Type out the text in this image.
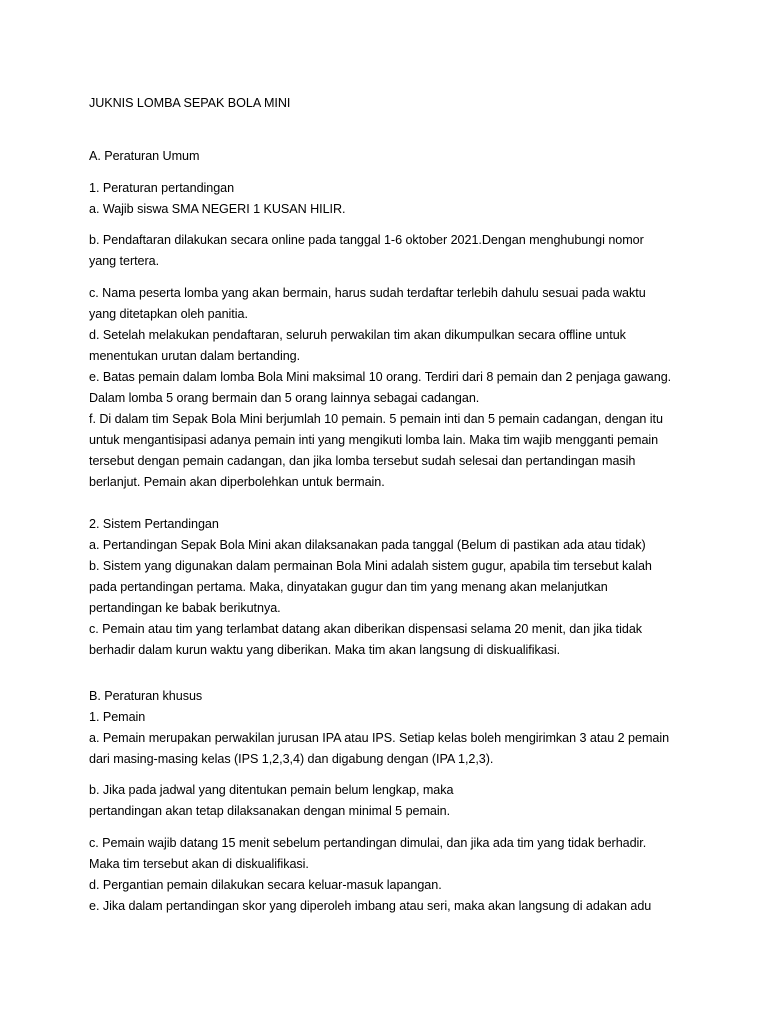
JUKNIS LOMBA SEPAK BOLA MINI
A. Peraturan Umum
1. Peraturan pertandingan
a. Wajib siswa SMA NEGERI 1 KUSAN HILIR.
b. Pendaftaran dilakukan secara online pada tanggal 1-6 oktober 2021.Dengan menghubungi nomor
yang tertera.
c. Nama peserta lomba yang akan bermain, harus sudah terdaftar terlebih dahulu sesuai pada waktu
yang ditetapkan oleh panitia.
d. Setelah melakukan pendaftaran, seluruh perwakilan tim akan dikumpulkan secara offline untuk
menentukan urutan dalam bertanding.
e. Batas pemain dalam lomba Bola Mini maksimal 10 orang. Terdiri dari 8 pemain dan 2 penjaga gawang.
Dalam lomba 5 orang bermain dan 5 orang lainnya sebagai cadangan.
f. Di dalam tim Sepak Bola Mini berjumlah 10 pemain. 5 pemain inti dan 5 pemain cadangan, dengan itu
untuk mengantisipasi adanya pemain inti yang mengikuti lomba lain. Maka tim wajib mengganti pemain
tersebut dengan pemain cadangan, dan jika lomba tersebut sudah selesai dan pertandingan masih
berlanjut. Pemain akan diperbolehkan untuk bermain.
2. Sistem Pertandingan
a. Pertandingan Sepak Bola Mini akan dilaksanakan pada tanggal (Belum di pastikan ada atau tidak)
b. Sistem yang digunakan dalam permainan Bola Mini adalah sistem gugur, apabila tim tersebut kalah
pada pertandingan pertama. Maka, dinyatakan gugur dan tim yang menang akan melanjutkan
pertandingan ke babak berikutnya.
c. Pemain atau tim yang terlambat datang akan diberikan dispensasi selama 20 menit, dan jika tidak
berhadir dalam kurun waktu yang diberikan. Maka tim akan langsung di diskualifikasi.
B. Peraturan khusus
1. Pemain
a. Pemain merupakan perwakilan jurusan IPA atau IPS. Setiap kelas boleh mengirimkan 3 atau 2 pemain
dari masing-masing kelas (IPS 1,2,3,4) dan digabung dengan (IPA 1,2,3).
b. Jika pada jadwal yang ditentukan pemain belum lengkap, maka
pertandingan akan tetap dilaksanakan dengan minimal 5 pemain.
c. Pemain wajib datang 15 menit sebelum pertandingan dimulai, dan jika ada tim yang tidak berhadir.
Maka tim tersebut akan di diskualifikasi.
d. Pergantian pemain dilakukan secara keluar-masuk lapangan.
e. Jika dalam pertandingan skor yang diperoleh imbang atau seri, maka akan langsung di adakan adu
